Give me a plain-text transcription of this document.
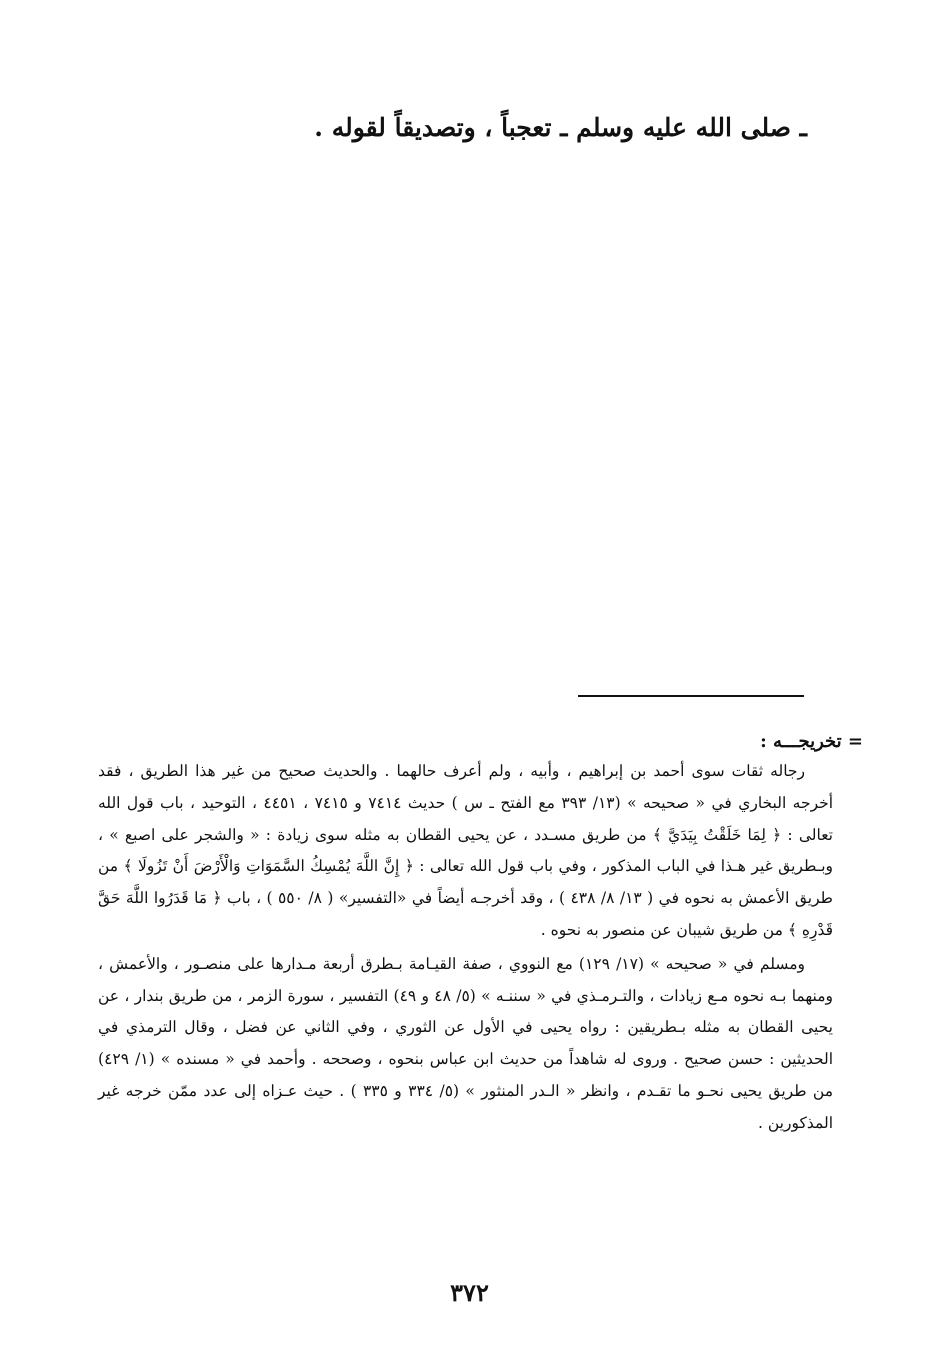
ـ صلى الله عليه وسلم ـ تعجباً ، وتصديقاً لقوله .
= تخريجـــه :

رجاله ثقات سوى أحمد بن إبراهيم ، وأبيه ، ولم أعرف حالهما . والحديث صحيح من غير هذا الطريق ، فقد أخرجه البخاري في « صحيحه » (١٣/ ٣٩٣ مع الفتح ـ س ) حديث ٧٤١٤ و ٧٤١٥ ، ٤٤٥١ ، التوحيد ، باب قول الله تعالى : ﴿ لِمَا خَلَقْتُ بِيَدَيَّ ﴾ من طريق مسـدد ، عن يحيى القطان به مثله سوى زيادة : « والشجر على اصبع » ، وبـطريق غير هـذا في الباب المذكور ، وفي باب قول الله تعالى : ﴿ إِنَّ اللَّهَ يُمْسِكُ السَّمَوَاتِ وَالْأَرْضَ أَنْ تَزُولَا ﴾ من طريق الأعمش به نحوه في ( ١٣/ ٨/ ٤٣٨ ) ، وقد أخرجـه أيضاً في «التفسير» ( ٨/ ٥٥٠ ) ، باب ﴿ مَا قَدَرُوا اللَّهَ حَقَّ قَدْرِهِ ﴾ من طريق شيبان عن منصور به نحوه .

ومسلم في « صحيحه » (١٧/ ١٢٩) مع النووي ، صفة القيـامة بـطرق أربعة مـدارها على منصـور ، والأعمش ، ومنهما بـه نحوه مـع زيادات ، والتـرمـذي في « سننـه » (٥/ ٤٨ و ٤٩) التفسير ، سورة الزمر ، من طريق بندار ، عن يحيى القطان به مثله بـطريقين : رواه يحيى في الأول عن الثوري ، وفي الثاني عن فضل ، وقال الترمذي في الحديثين : حسن صحيح . وروى له شاهداً من حديث ابن عباس بنحوه ، وصححه . وأحمد في « مسنده » (١/ ٤٢٩) من طريق يحيى نحـو ما تقـدم ، وانظر « الـدر المنثور » (٥/ ٣٣٤ و ٣٣٥ ) . حيث عـزاه إلى عدد ممّن خرجه غير المذكورين .

٣٧٢
